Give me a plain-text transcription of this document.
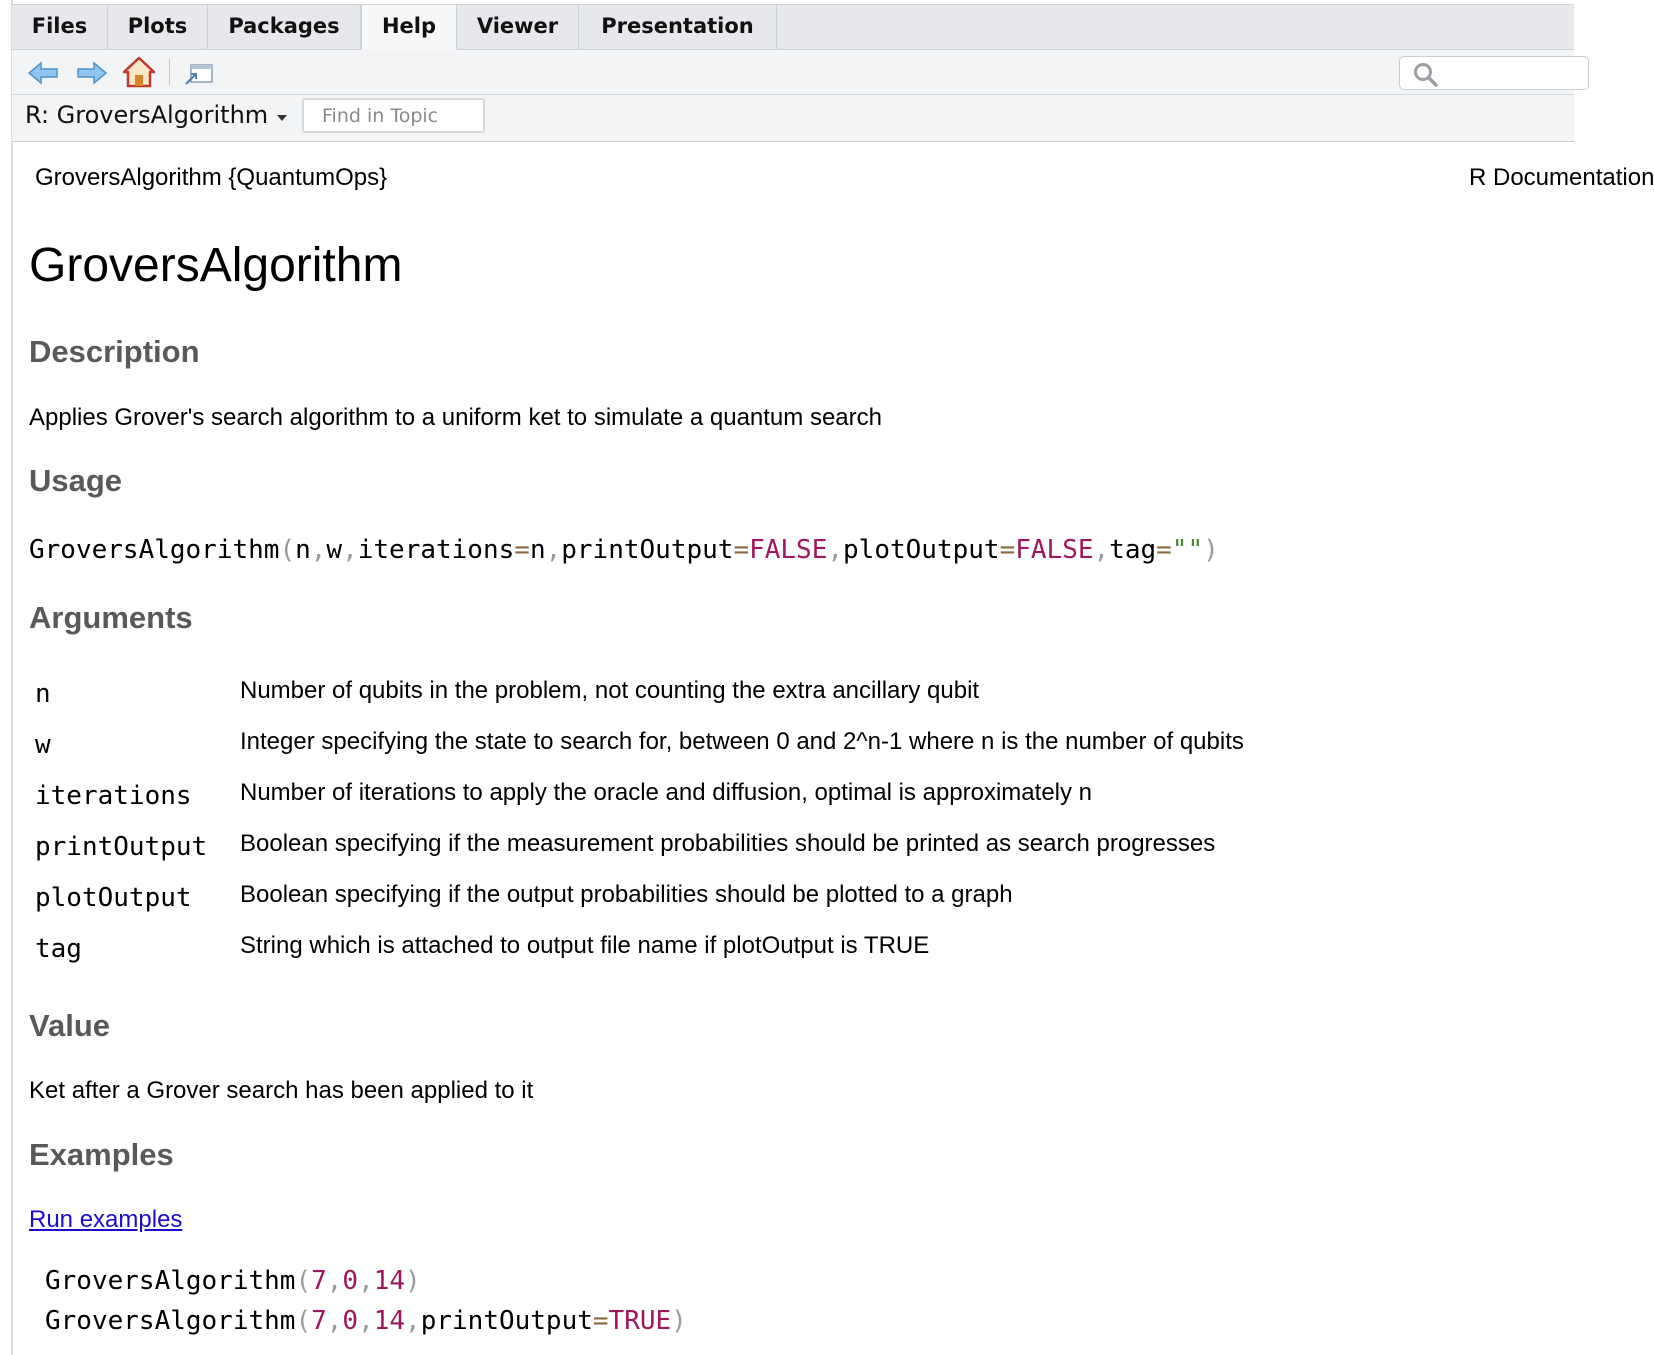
Files	Plots	Packages	Help	Viewer	Presentation
R: GroversAlgorithm
Find in Topic
GroversAlgorithm {QuantumOps}	R Documentation
GroversAlgorithm
Description
Applies Grover's search algorithm to a uniform ket to simulate a quantum search
Usage
GroversAlgorithm(n,w,iterations=n,printOutput=FALSE,plotOutput=FALSE,tag="")
Arguments
n	Number of qubits in the problem, not counting the extra ancillary qubit
w	Integer specifying the state to search for, between 0 and 2^n-1 where n is the number of qubits
iterations Number of iterations to apply the oracle and diffusion, optimal is approximately n
printOutput Boolean specifying if the measurement probabilities should be printed as search progresses
plotOutput Boolean specifying if the output probabilities should be plotted to a graph
tag	String which is attached to output file name if plotOutput is TRUE
Value
Ket after a Grover search has been applied to it
Examples
Run examples
GroversAlgorithm(7,0,14)
GroversAlgorithm(7,0,14,printOutput=TRUE)
